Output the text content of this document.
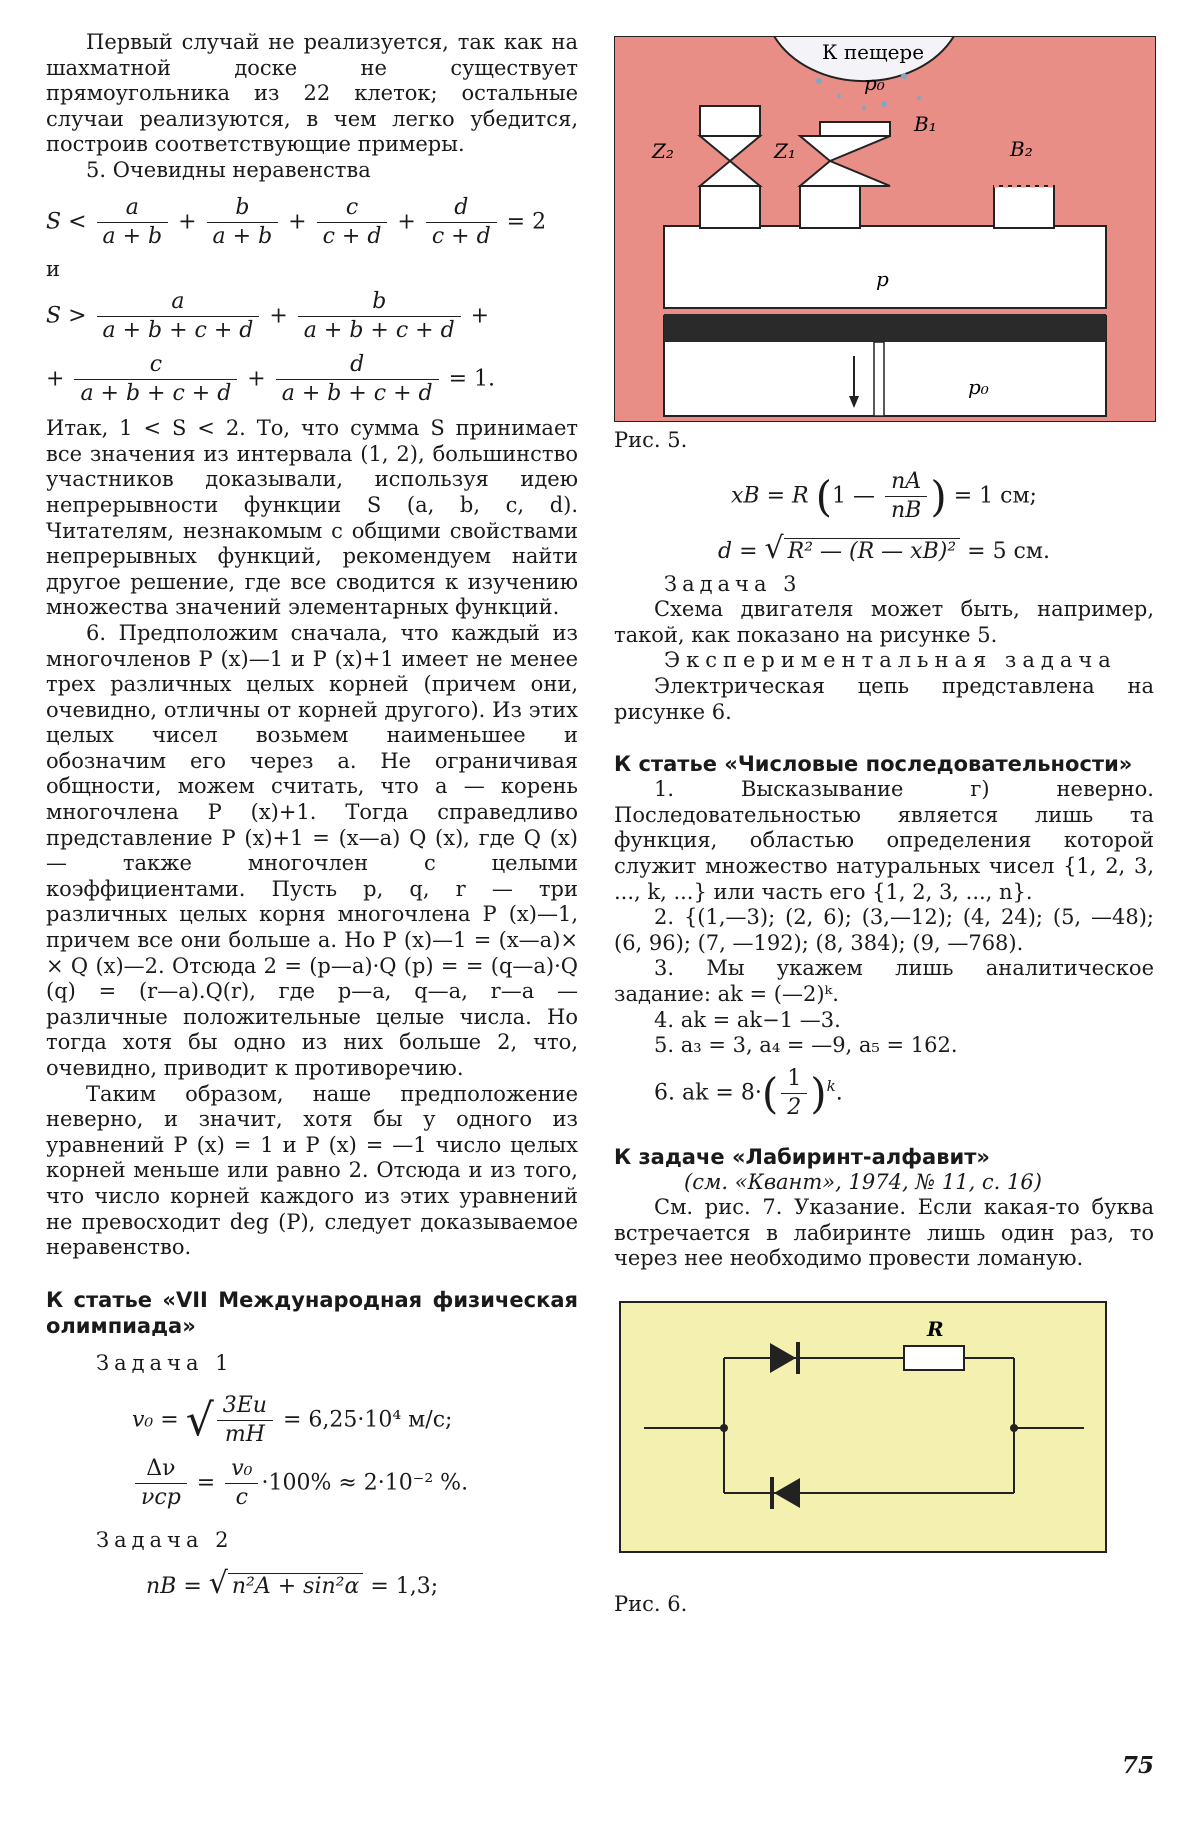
Первый случай не реализуется, так как на шахматной доске не существует прямоугольника из 22 клеток; остальные случаи реализуются, в чем легко убедится, построив соответствующие примеры.

5. Очевидны неравенства

$S < \frac{a}{a + b} + \frac{b}{a + b} + \frac{c}{c + d} + \frac{d}{c + d} = 2$

и

$S > \frac{a}{a + b + c + d} + \frac{b}{a + b + c + d}$ +
+ $\frac{c}{a + b + c + d} + \frac{d}{a + b + c + d} = 1$.

Итак, 1 < S < 2. То, что сумма S принимает все значения из интервала (1, 2), большинство участников доказывали, используя идею непрерывности функции S (a, b, c, d). Читателям, незнакомым с общими свойствами непрерывных функций, рекомендуем найти другое решение, где все сводится к изучению множества значений элементарных функций.

6. Предположим сначала, что каждый из многочленов P (x)—1 и P (x)+1 имеет не менее трех различных целых корней (причем они, очевидно, отличны от корней другого). Из этих целых чисел возьмем наименьшее и обозначим его через a. Не ограничивая общности, можем считать, что a — корень многочлена P (x)+1. Тогда справедливо представление P (x)+1 = (x—a) Q (x), где Q (x) — также многочлен с целыми коэффициентами. Пусть p, q, r — три различных целых корня многочлена P (x)—1, причем все они больше a. Но P (x)—1 = (x—a)× × Q (x)—2. Отсюда 2 = (p—a)·Q (p) = = (q—a)·Q (q) = (r—a).Q(r), где p—a, q—a, r—a — различные положительные целые числа. Но тогда хотя бы одно из них больше 2, что, очевидно, приводит к противоречию.

Таким образом, наше предположение неверно, и значит, хотя бы у одного из уравнений P (x) = 1 и P (x) = —1 число целых корней меньше или равно 2. Отсюда и из того, что число корней каждого из этих уравнений не превосходит deg (P), следует доказываемое неравенство.

К статье «VII Международная физическая олимпиада»

Задача 1

v₀ = √ $\frac{3Eи}{mН} = 6,25\cdot 10^4$ м/с;
$\frac{\Delta\nu}{\text{νср}} = \frac{\text{v₀}}{c} \cdot 100\% \approx 2\cdot 10^{-2}$ %.

Задача 2

nB = √ n²A + sin²α = 1,3;
К пещере
p₀
Z₂	Z₁
B₁
B₂
p
p₀

Рис. 5.

xB = R (1 — $\frac{nA}{nB}$ ) = 1 см;
d = √ R² — (R — xB)² = 5 см.

Задача 3

Схема двигателя может быть, например, такой, как показано на рисунке 5.

Экспериментальная задача

Электрическая цепь представлена на рисунке 6.

К статье «Числовые последовательности»

1. Высказывание г) неверно. Последовательностью является лишь та функция, областью определения которой служит множество натуральных чисел {1, 2, 3, ..., k, ...} или часть его {1, 2, 3, ..., n}.

2. {(1,—3); (2, 6); (3,—12); (4, 24); (5, —48); (6, 96); (7, —192); (8, 384); (9, —768).

3. Мы укажем лишь аналитическое задание: ak = (—2)ᵏ.

4. ak = ak−1 —3.

5. a₃ = 3, a₄ = —9, a₅ = 162.

6. ak = $8\cdot( \frac{1}{2} )^k$.

К задаче «Лабиринт-алфавит»

(см. «Квант», 1974, № 11, с. 16)

См. рис. 7. Указание. Если какая-то буква встречается в лабиринте лишь один раз, то через нее необходимо провести ломаную.

R

Рис. 6.

75
